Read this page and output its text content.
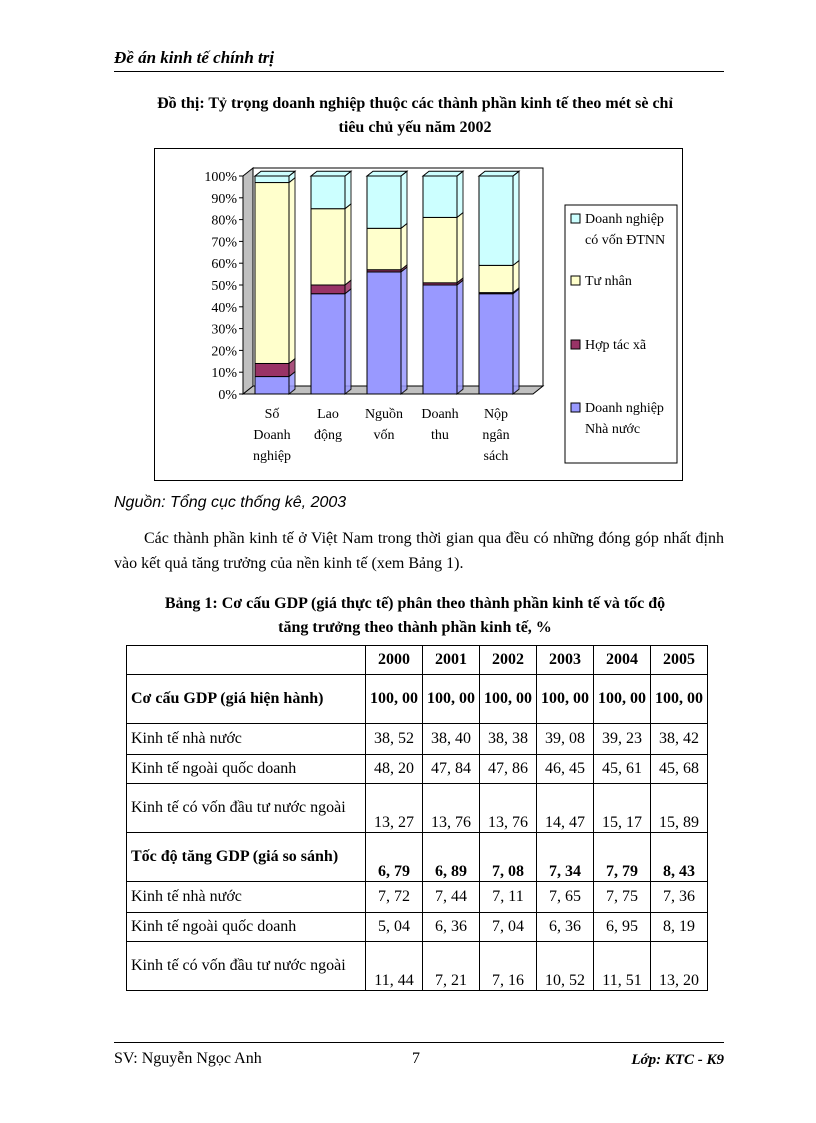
Đề án kinh tế chính trị
Đồ thị: Tỷ trọng doanh nghiệp thuộc các thành phần kinh tế theo mét sè chỉ
tiêu chủ yếu năm 2002
0%
10%
20%
30%
40%
50%
60%
70%
80%
90%
100%
Số
Doanh
nghiệp
Lao
động
Nguồn
vốn
Doanh
thu
Nộp
ngân
sách
Doanh nghiệp
có vốn ĐTNN
Tư nhân
Hợp tác xã
Doanh nghiệp
Nhà nước
Nguồn: Tổng cục thống kê, 2003
Các thành phần kinh tế ở Việt Nam trong thời gian qua đều có những đóng góp nhất định vào kết quả tăng trưởng của nền kinh tế (xem Bảng 1).
Bảng 1: Cơ cấu GDP (giá thực tế) phân theo thành phần kinh tế và tốc độ
tăng trưởng theo thành phần kinh tế, %
	2000	2001	2002	2003	2004	2005
Cơ cấu GDP (giá hiện hành)	100, 00	100, 00	100, 00	100, 00	100, 00	100, 00
Kinh tế nhà nước	38, 52	38, 40	38, 38	39, 08	39, 23	38, 42
Kinh tế ngoài quốc doanh	48, 20	47, 84	47, 86	46, 45	45, 61	45, 68
Kinh tế có vốn đầu tư nước ngoài	13, 27	13, 76	13, 76	14, 47	15, 17	15, 89
Tốc độ tăng GDP (giá so sánh)	6, 79	6, 89	7, 08	7, 34	7, 79	8, 43
Kinh tế nhà nước	7, 72	7, 44	7, 11	7, 65	7, 75	7, 36
Kinh tế ngoài quốc doanh	5, 04	6, 36	7, 04	6, 36	6, 95	8, 19
Kinh tế có vốn đầu tư nước ngoài	11, 44	7, 21	7, 16	10, 52	11, 51	13, 20
SV: Nguyễn Ngọc Anh	7	Lớp: KTC - K9
